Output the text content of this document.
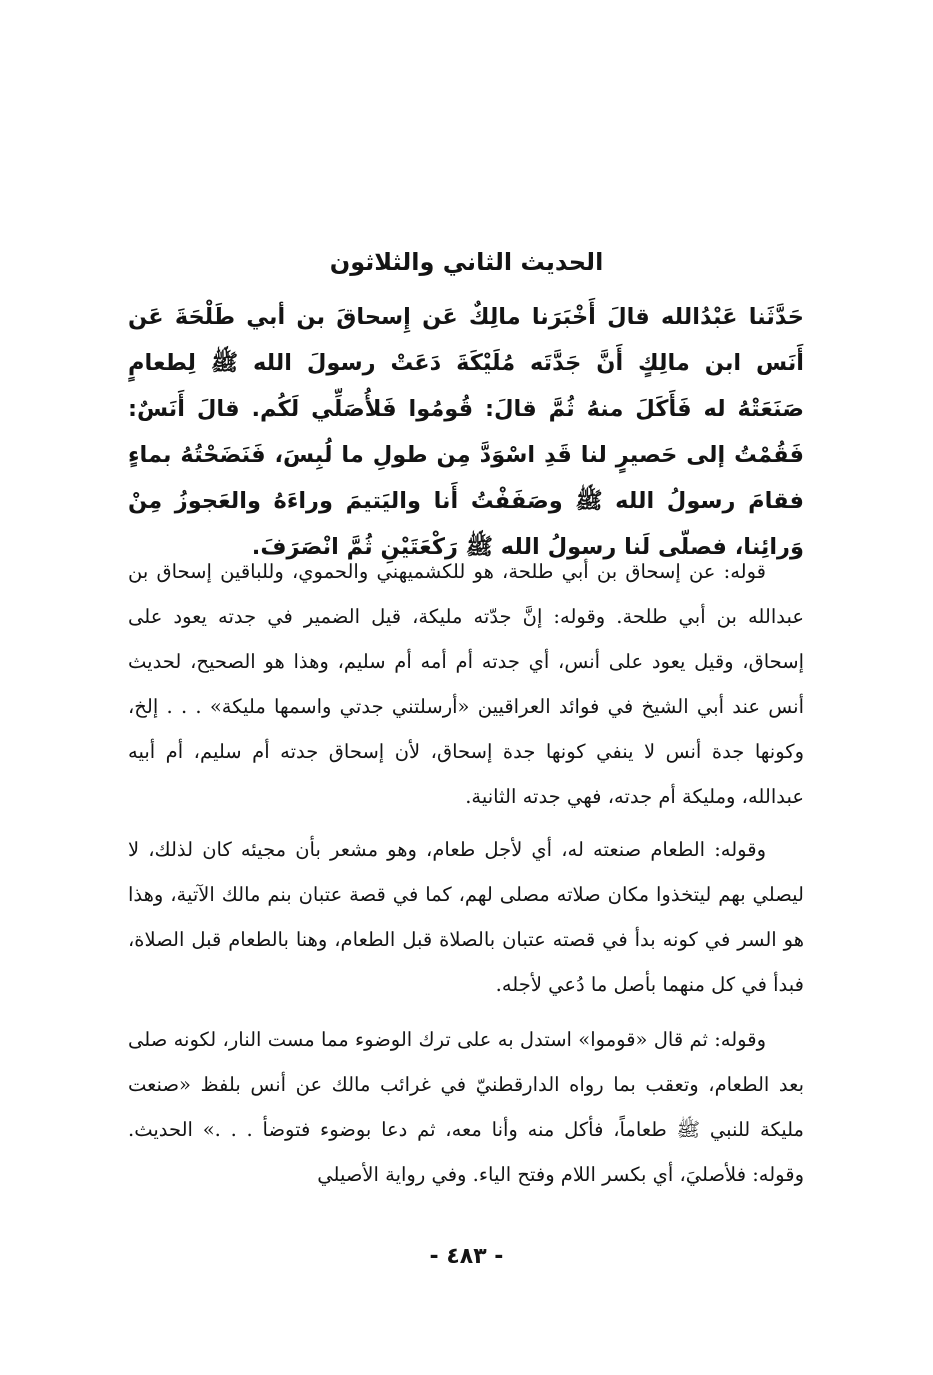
الحديث الثاني والثلاثون

حَدَّثَنا عَبْدُالله قالَ أَخْبَرَنا مالِكٌ عَن إِسحاقَ بن أبي طَلْحَةَ عَن أَنَس ابن مالِكٍ أَنَّ جَدَّتَه مُلَيْكَةَ دَعَتْ رسولَ الله ﷺ لِطعامٍ صَنَعَتْهُ له فَأَكَلَ منهُ ثُمَّ قالَ: قُومُوا فَلأُصَلِّي لَكُم. قالَ أَنَسٌ: فَقُمْتُ إلى حَصيرٍ لنا قَدِ اسْوَدَّ مِن طولِ ما لُبِسَ، فَنَضَحْتُهُ بماءٍ فقامَ رسولُ الله ﷺ وصَفَفْتُ أَنا واليَتيمَ وراءَهُ والعَجوزُ مِنْ وَرائِنا، فصلّى لَنا رسولُ الله ﷺ رَكْعَتَيْنِ ثُمَّ انْصَرَفَ.

قوله: عن إسحاق بن أبي طلحة، هو للكشميهني والحموي، وللباقين إسحاق بن عبدالله بن أبي طلحة. وقوله: إنَّ جدّته مليكة، قيل الضمير في جدته يعود على إسحاق، وقيل يعود على أنس، أي جدته أم أمه أم سليم، وهذا هو الصحيح، لحديث أنس عند أبي الشيخ في فوائد العراقيين «أرسلتني جدتي واسمها مليكة» . . . إلخ، وكونها جدة أنس لا ينفي كونها جدة إسحاق، لأن إسحاق جدته أم سليم، أم أبيه عبدالله، ومليكة أم جدته، فهي جدته الثانية.

وقوله: الطعام صنعته له، أي لأجل طعام، وهو مشعر بأن مجيئه كان لذلك، لا ليصلي بهم ليتخذوا مكان صلاته مصلى لهم، كما في قصة عتبان بنم مالك الآتية، وهذا هو السر في كونه بدأ في قصته عتبان بالصلاة قبل الطعام، وهنا بالطعام قبل الصلاة، فبدأ في كل منهما بأصل ما دُعي لأجله.

وقوله: ثم قال «قوموا» استدل به على ترك الوضوء مما مست النار، لكونه صلى بعد الطعام، وتعقب بما رواه الدارقطنيّ في غرائب مالك عن أنس بلفظ «صنعت مليكة للنبي ﷺ طعاماً، فأكل منه وأنا معه، ثم دعا بوضوء فتوضأ . . .» الحديث. وقوله: فلأصليَ، أي بكسر اللام وفتح الياء. وفي رواية الأصيلي

- ٤٨٣ -
